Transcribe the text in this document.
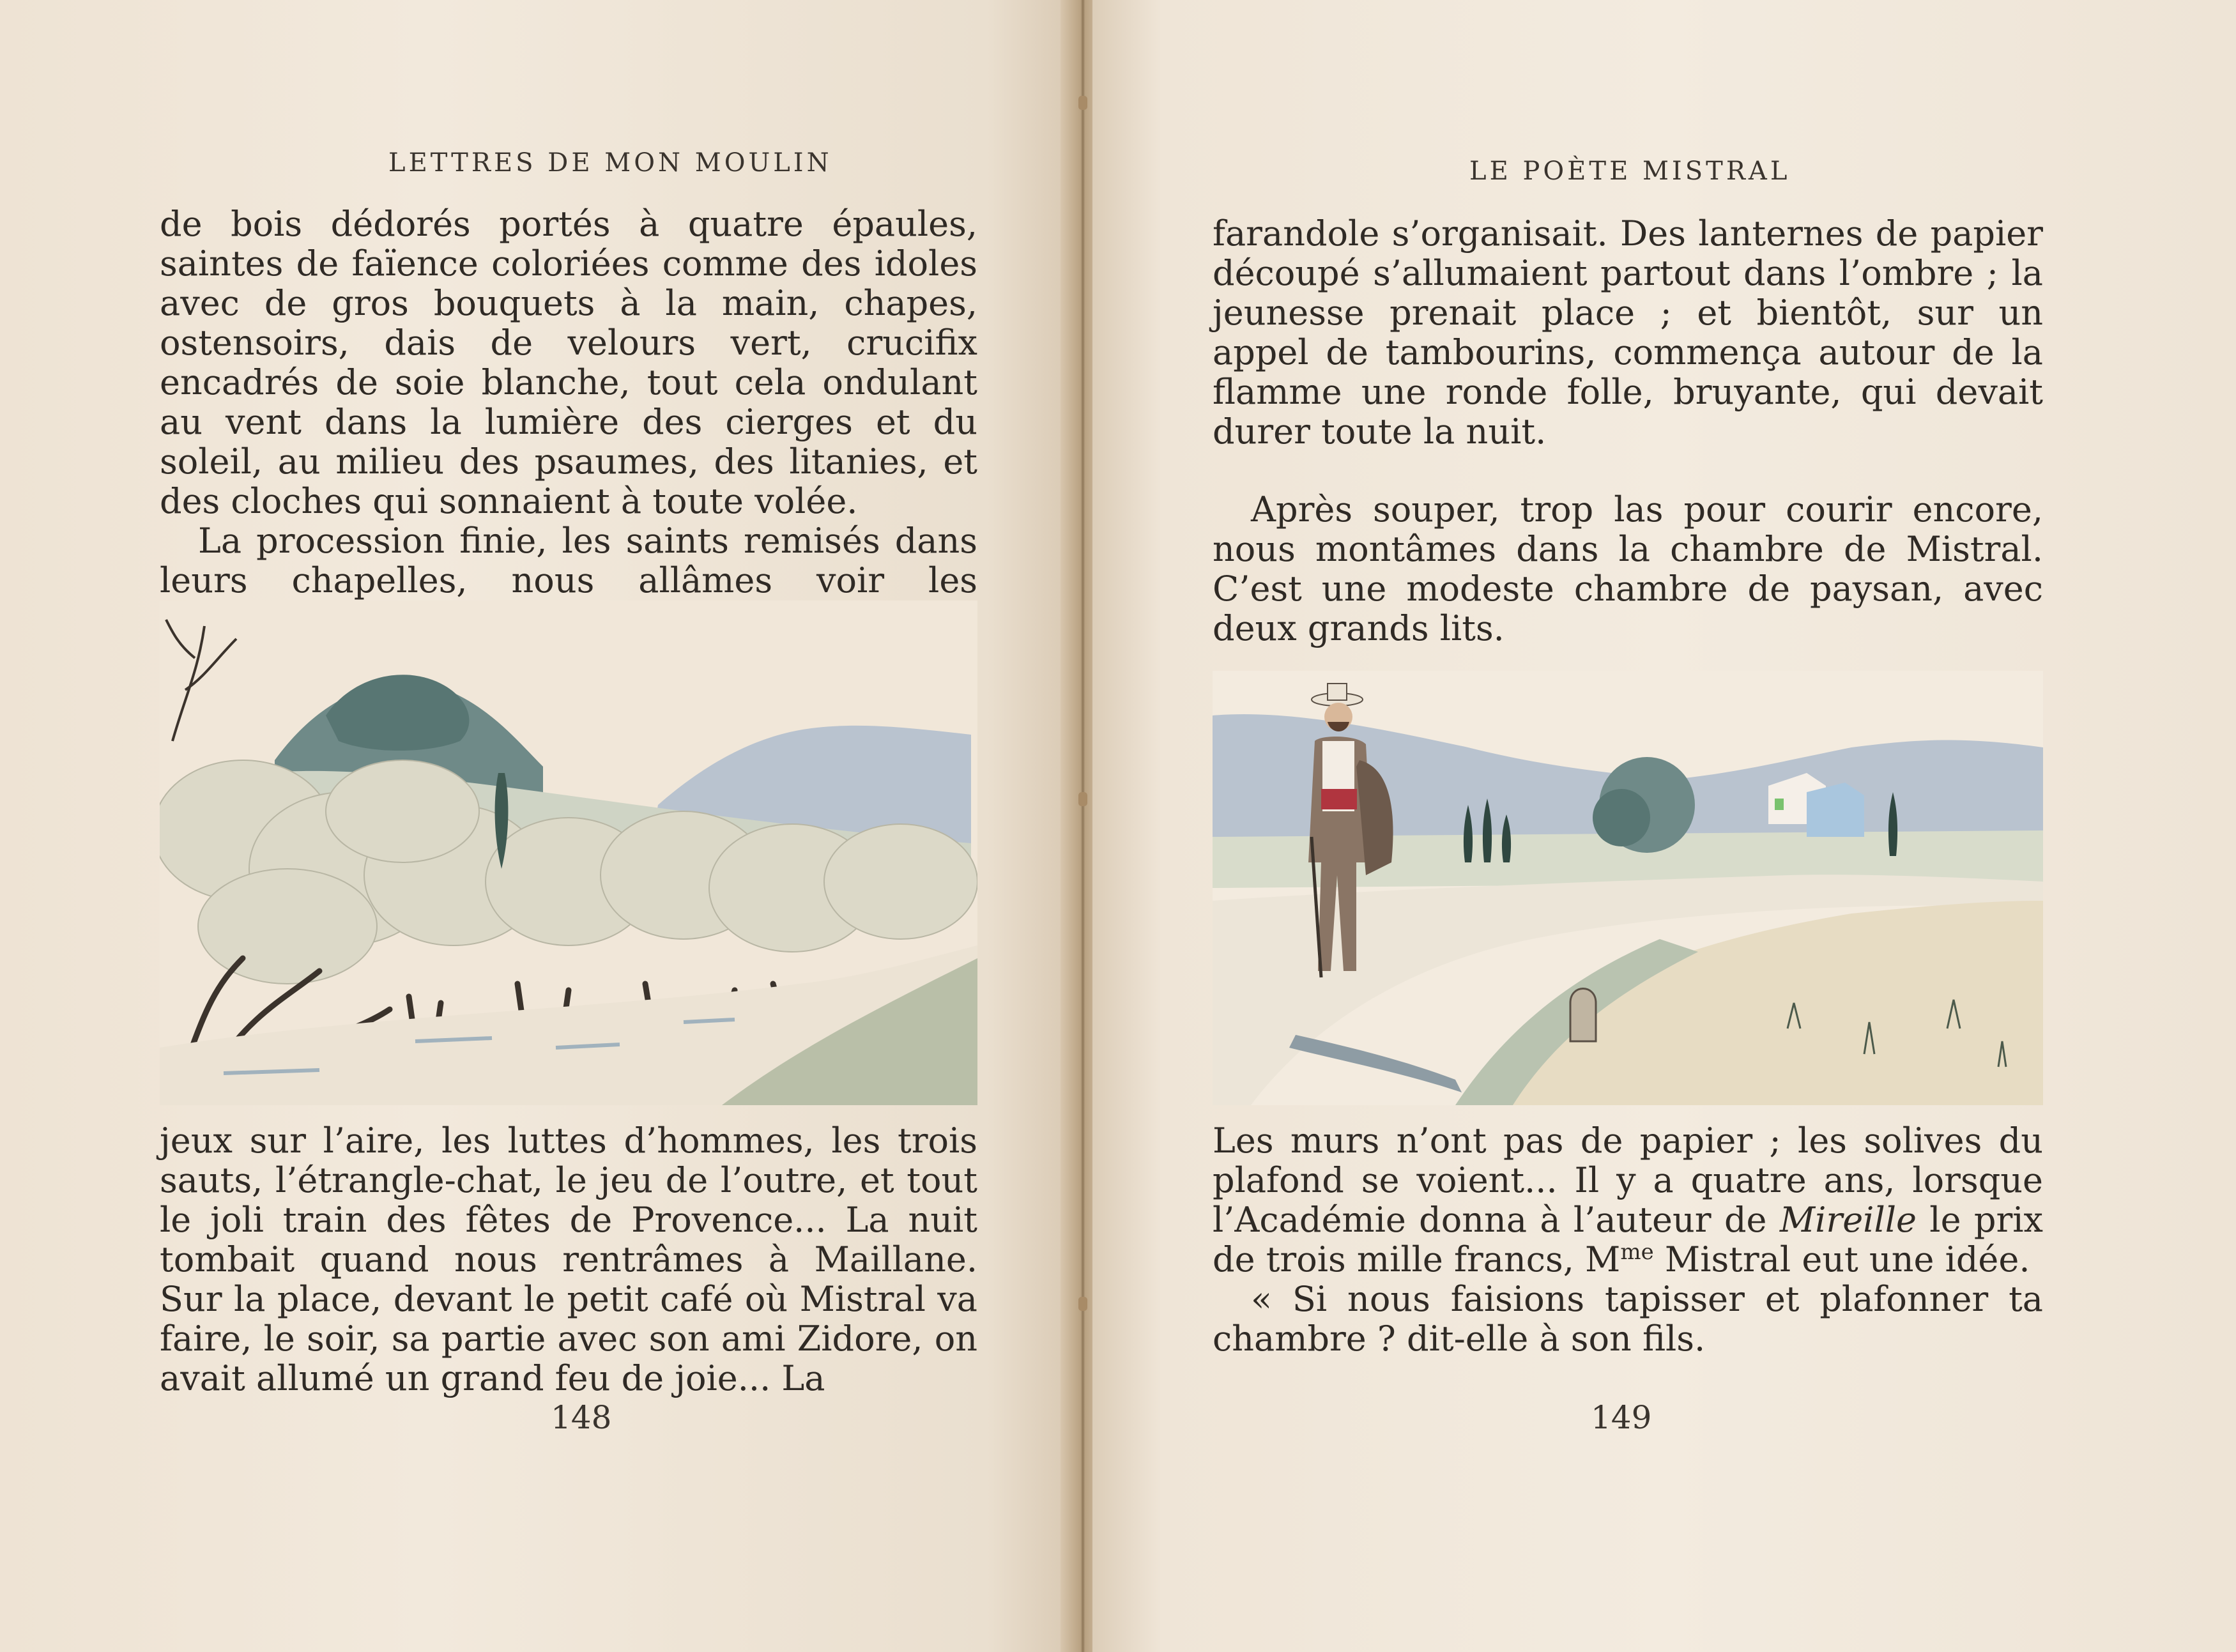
LETTRES DE MON MOULIN

de bois dédorés portés à quatre épaules, saintes de faïence coloriées comme des idoles avec de gros bouquets à la main, chapes, ostensoirs, dais de velours vert, crucifix encadrés de soie blanche, tout cela ondulant au vent dans la lumière des cierges et du soleil, au milieu des psaumes, des litanies, et des cloches qui sonnaient à toute volée.

La procession finie, les saints remisés dans leurs chapelles, nous allâmes voir les

jeux sur l’aire, les luttes d’hommes, les trois sauts, l’étrangle-chat, le jeu de l’outre, et tout le joli train des fêtes de Provence... La nuit tombait quand nous rentrâmes à Maillane. Sur la place, devant le petit café où Mistral va faire, le soir, sa partie avec son ami Zidore, on avait allumé un grand feu de joie... La

148
LE POÈTE MISTRAL

farandole s’organisait. Des lanternes de papier découpé s’allumaient partout dans l’ombre ; la jeunesse prenait place ; et bientôt, sur un appel de tambourins, commença autour de la flamme une ronde folle, bruyante, qui devait durer toute la nuit.

Après souper, trop las pour courir encore, nous montâmes dans la chambre de Mistral. C’est une modeste chambre de paysan, avec deux grands lits.

Les murs n’ont pas de papier ; les solives du plafond se voient... Il y a quatre ans, lorsque l’Académie donna à l’auteur de Mireille le prix de trois mille francs, $M^{me}$ Mistral eut une idée.

« Si nous faisions tapisser et plafonner ta chambre ? dit-elle à son fils.

149
